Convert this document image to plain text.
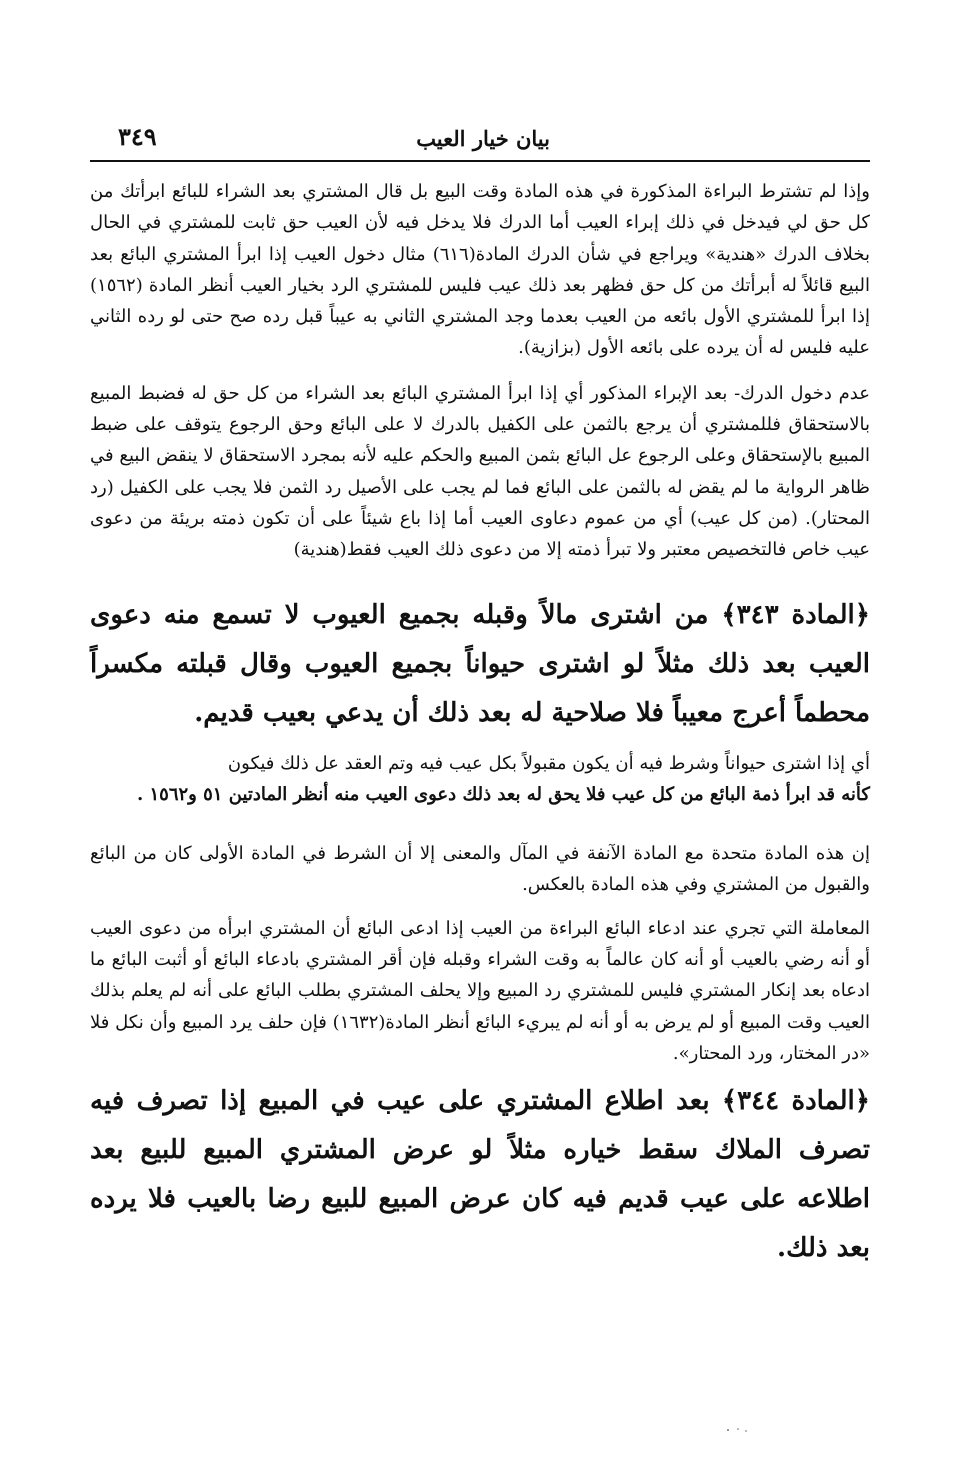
بيان خيار العيب
٣٤٩

وإذا لم تشترط البراءة المذكورة في هذه المادة وقت البيع بل قال المشتري بعد الشراء للبائع ابرأتك من كل حق لي فيدخل في ذلك إبراء العيب أما الدرك فلا يدخل فيه لأن العيب حق ثابت للمشتري في الحال بخلاف الدرك «هندية» ويراجع في شأن الدرك المادة(٦١٦) مثال دخول العيب إذا ابرأ المشتري البائع بعد البيع قائلاً له أبرأتك من كل حق فظهر بعد ذلك عيب فليس للمشتري الرد بخيار العيب أنظر المادة (١٥٦٢) إذا ابرأ للمشتري الأول بائعه من العيب بعدما وجد المشتري الثاني به عيباً قبل رده صح حتى لو رده الثاني عليه فليس له أن يرده على بائعه الأول (بزازية).

عدم دخول الدرك- بعد الإبراء المذكور أي إذا ابرأ المشتري البائع بعد الشراء من كل حق له فضبط المبيع بالاستحقاق فللمشتري أن يرجع بالثمن على الكفيل بالدرك لا على البائع وحق الرجوع يتوقف على ضبط المبيع بالإستحقاق وعلى الرجوع عل البائع بثمن المبيع والحكم عليه لأنه بمجرد الاستحقاق لا ينقض البيع في ظاهر الرواية ما لم يقض له بالثمن على البائع فما لم يجب على الأصيل رد الثمن فلا يجب على الكفيل (رد المحتار). (من كل عيب) أي من عموم دعاوى العيب أما إذا باع شيئاً على أن تكون ذمته بريئة من دعوى عيب خاص فالتخصيص معتبر ولا تبرأ ذمته إلا من دعوى ذلك العيب فقط(هندية)

﴿المادة ٣٤٣﴾ من اشترى مالاً وقبله بجميع العيوب لا تسمع منه دعوى العيب بعد ذلك مثلاً لو اشترى حيواناً بجميع العيوب وقال قبلته مكسراً محطماً أعرج معيباً فلا صلاحية له بعد ذلك أن يدعي بعيب قديم.

أي إذا اشترى حيواناً وشرط فيه أن يكون مقبولاً بكل عيب فيه وتم العقد عل ذلك فيكون

كأنه قد ابرأ ذمة البائع من كل عيب فلا يحق له بعد ذلك دعوى العيب منه أنظر المادتين ٥١ و١٥٦٢ .

إن هذه المادة متحدة مع المادة الآنفة في المآل والمعنى إلا أن الشرط في المادة الأولى كان من البائع والقبول من المشتري وفي هذه المادة بالعكس.

المعاملة التي تجري عند ادعاء البائع البراءة من العيب إذا ادعى البائع أن المشتري ابرأه من دعوى العيب أو أنه رضي بالعيب أو أنه كان عالماً به وقت الشراء وقبله فإن أقر المشتري بادعاء البائع أو أثبت البائع ما ادعاه بعد إنكار المشتري فليس للمشتري رد المبيع وإلا يحلف المشتري بطلب البائع على أنه لم يعلم بذلك العيب وقت المبيع أو لم يرض به أو أنه لم يبريء البائع أنظر المادة(١٦٣٢) فإن حلف يرد المبيع وأن نكل فلا «در المختار، ورد المحتار».

﴿المادة ٣٤٤﴾ بعد اطلاع المشتري على عيب في المبيع إذا تصرف فيه تصرف الملاك سقط خياره مثلاً لو عرض المشتري المبيع للبيع بعد اطلاعه على عيب قديم فيه كان عرض المبيع للبيع رضا بالعيب فلا يرده بعد ذلك.
